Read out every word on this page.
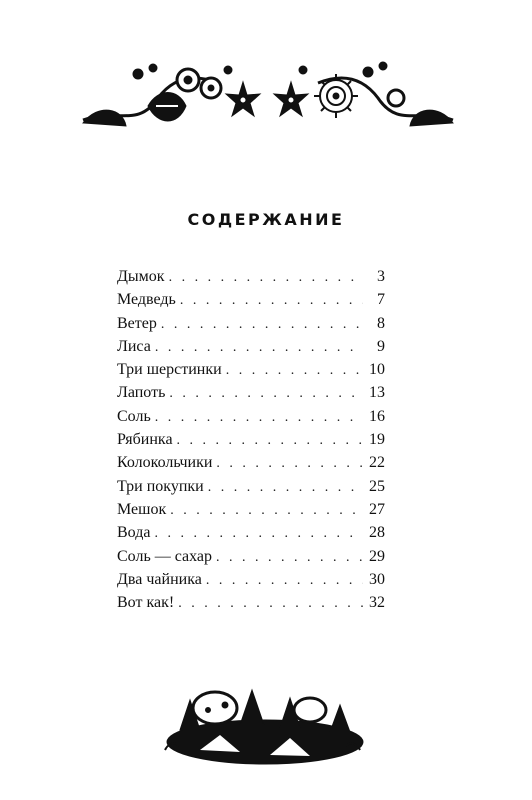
СОДЕРЖАНИЕ
Дымок . . .	3
Медведь . . .	7
Ветер . . .	8
Лиса . . .	9
Три шерстинки . . .	10
Лапоть . . .	13
Соль . . .	16
Рябинка . . .	19
Колокольчики . . .	22
Три покупки . . .	25
Мешок . . .	27
Вода . . .	28
Соль — сахар . . .	29
Два чайника . . .	30
Вот как! . . .	32
